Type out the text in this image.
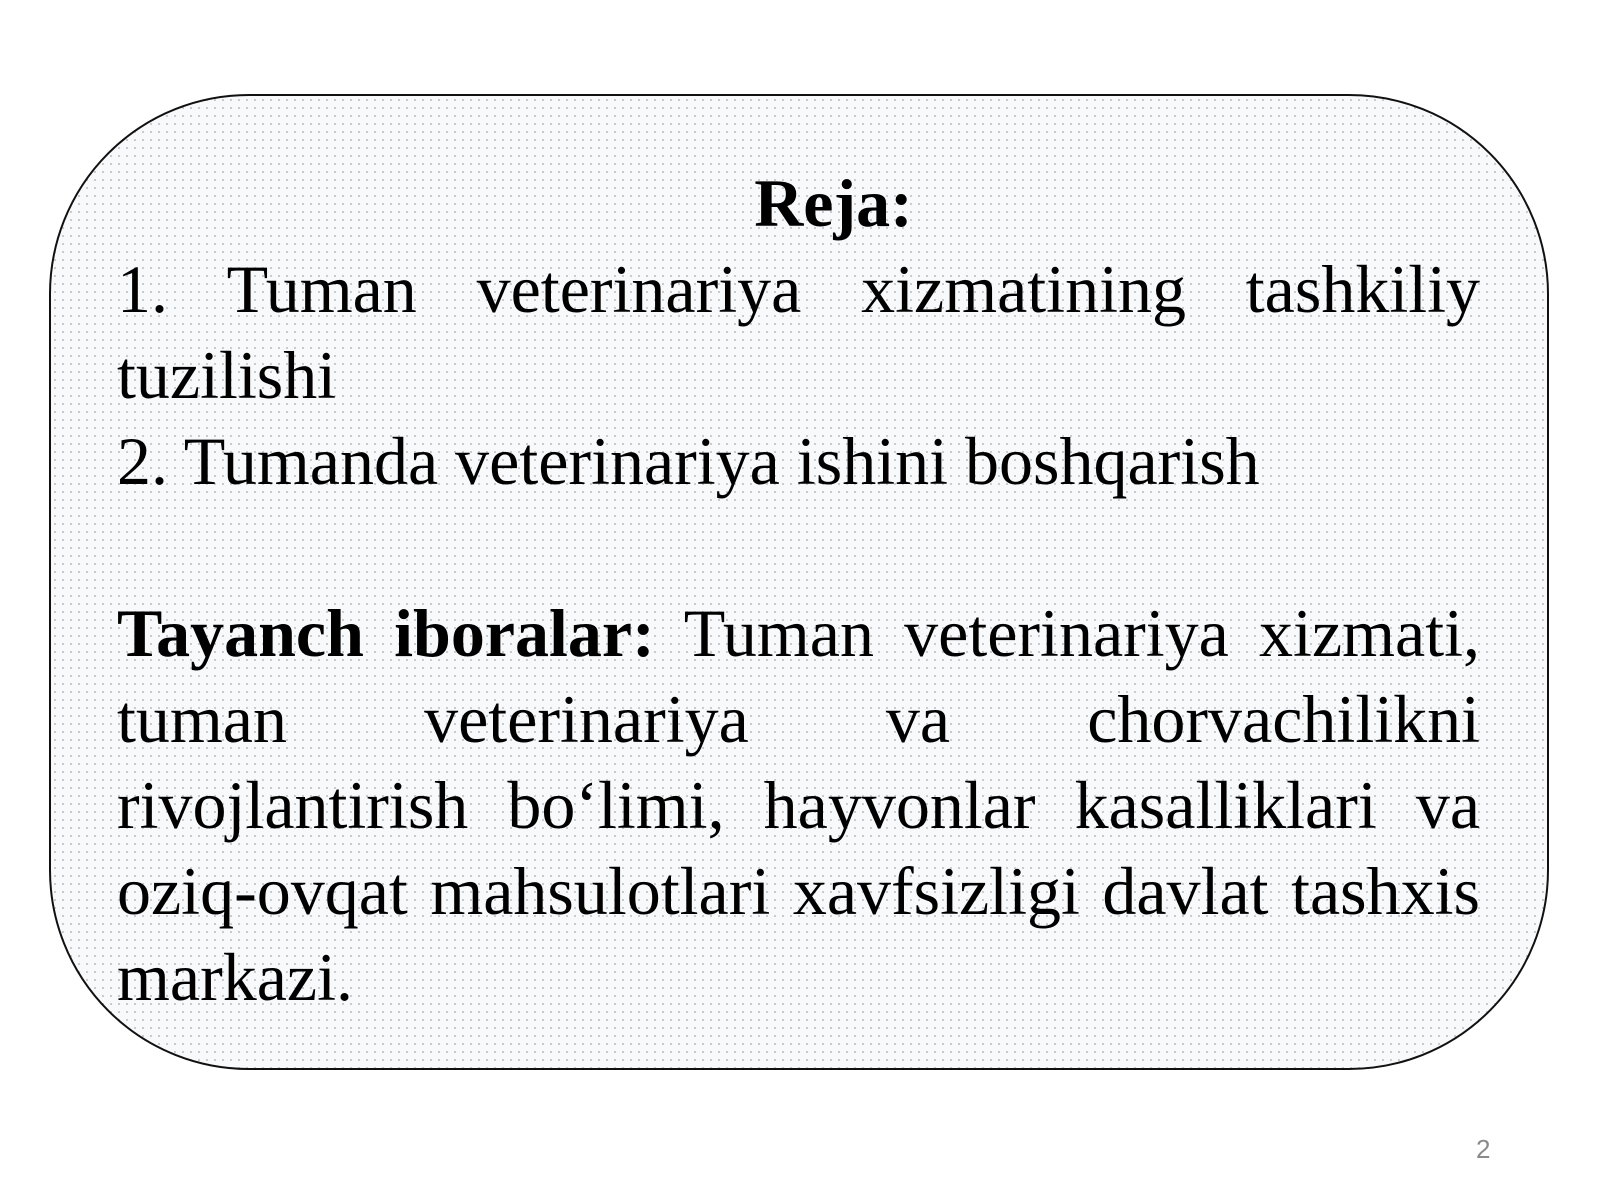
Reja:

1. Tuman veterinariya xizmatining tashkiliy tuzilishi

2. Tumanda veterinariya ishini boshqarish

Tayanch iboralar: Tuman veterinariya xizmati, tuman veterinariya va chorvachilikni rivojlantirish bo‘limi, hayvonlar kasalliklari va oziq-ovqat mahsulotlari xavfsizligi davlat tashxis markazi.

2
